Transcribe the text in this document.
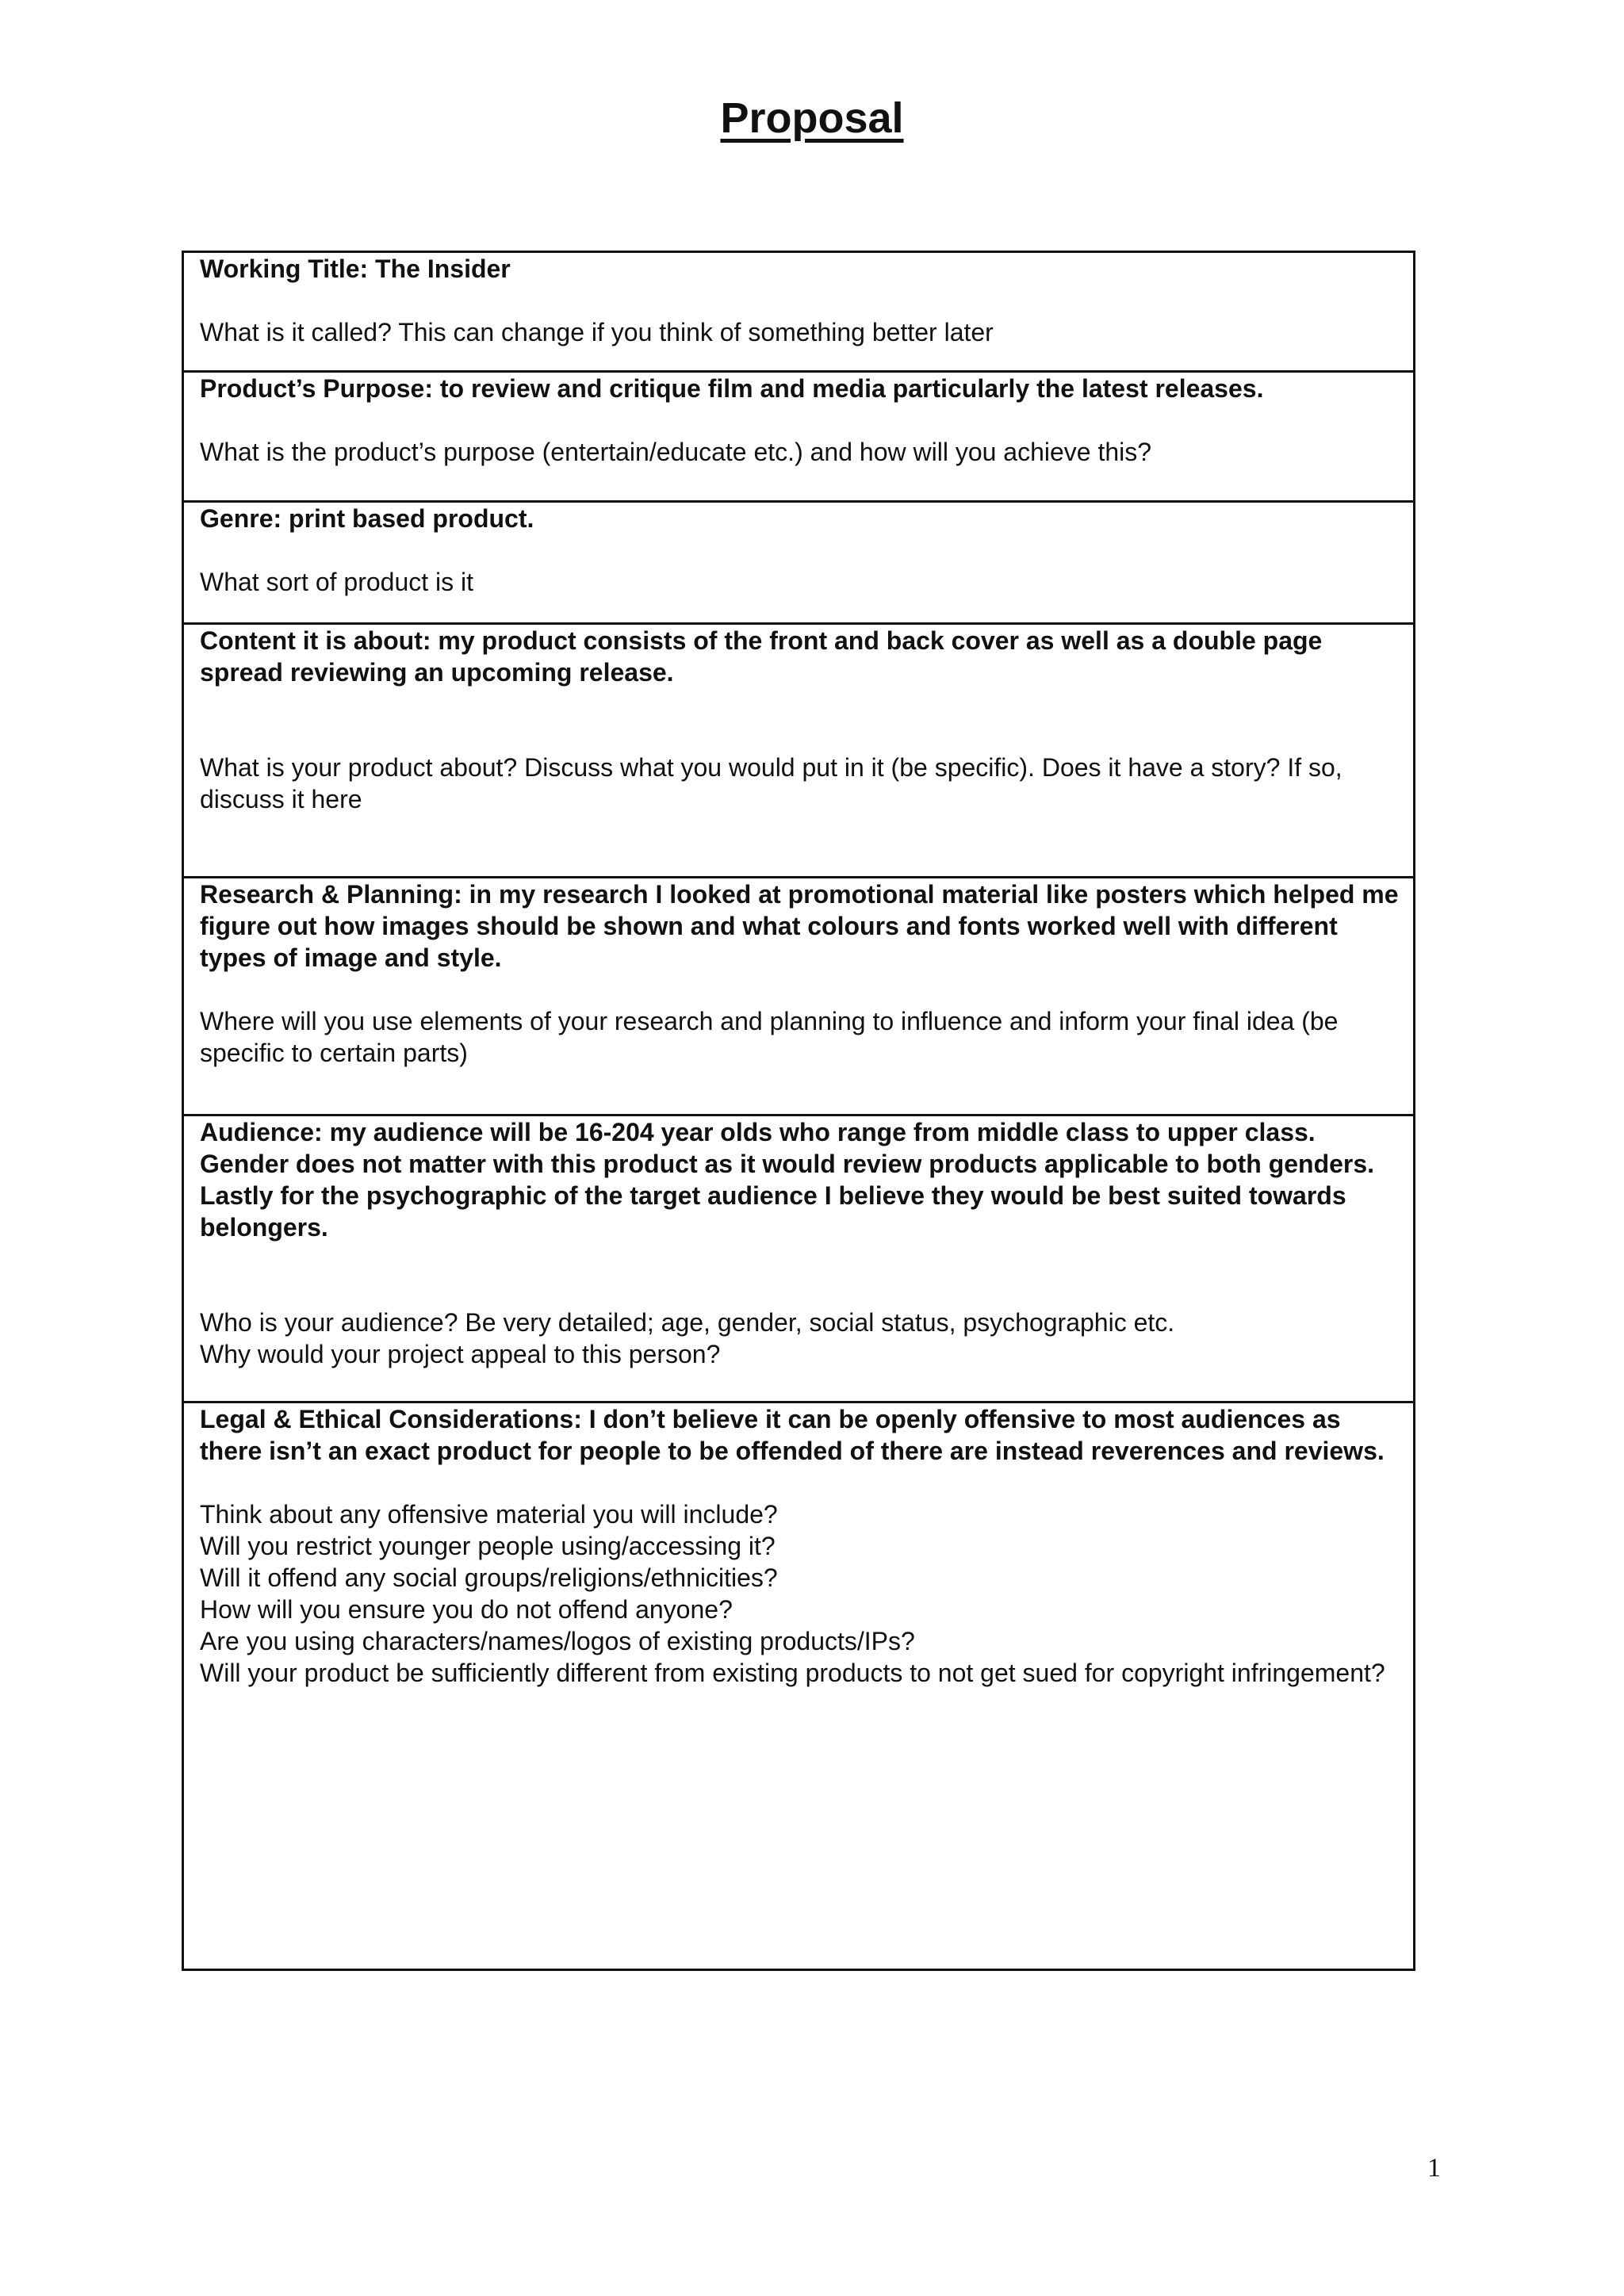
Proposal

Working Title: The Insider

What is it called? This can change if you think of something better later

Product’s Purpose: to review and critique film and media particularly the latest releases.

What is the product’s purpose (entertain/educate etc.) and how will you achieve this?

Genre: print based product.

What sort of product is it

Content it is about: my product consists of the front and back cover as well as a double page spread reviewing an upcoming release.

What is your product about? Discuss what you would put in it (be specific). Does it have a story? If so, discuss it here

Research & Planning: in my research I looked at promotional material like posters which helped me figure out how images should be shown and what colours and fonts worked well with different types of image and style.

Where will you use elements of your research and planning to influence and inform your final idea (be specific to certain parts)

Audience: my audience will be 16-204 year olds who range from middle class to upper class. Gender does not matter with this product as it would review products applicable to both genders. Lastly for the psychographic of the target audience I believe they would be best suited towards belongers.

Who is your audience? Be very detailed; age, gender, social status, psychographic etc.
Why would your project appeal to this person?

Legal & Ethical Considerations: I don’t believe it can be openly offensive to most audiences as there isn’t an exact product for people to be offended of there are instead reverences and reviews.

Think about any offensive material you will include?
Will you restrict younger people using/accessing it?
Will it offend any social groups/religions/ethnicities?
How will you ensure you do not offend anyone?
Are you using characters/names/logos of existing products/IPs?
Will your product be sufficiently different from existing products to not get sued for copyright infringement?

1
